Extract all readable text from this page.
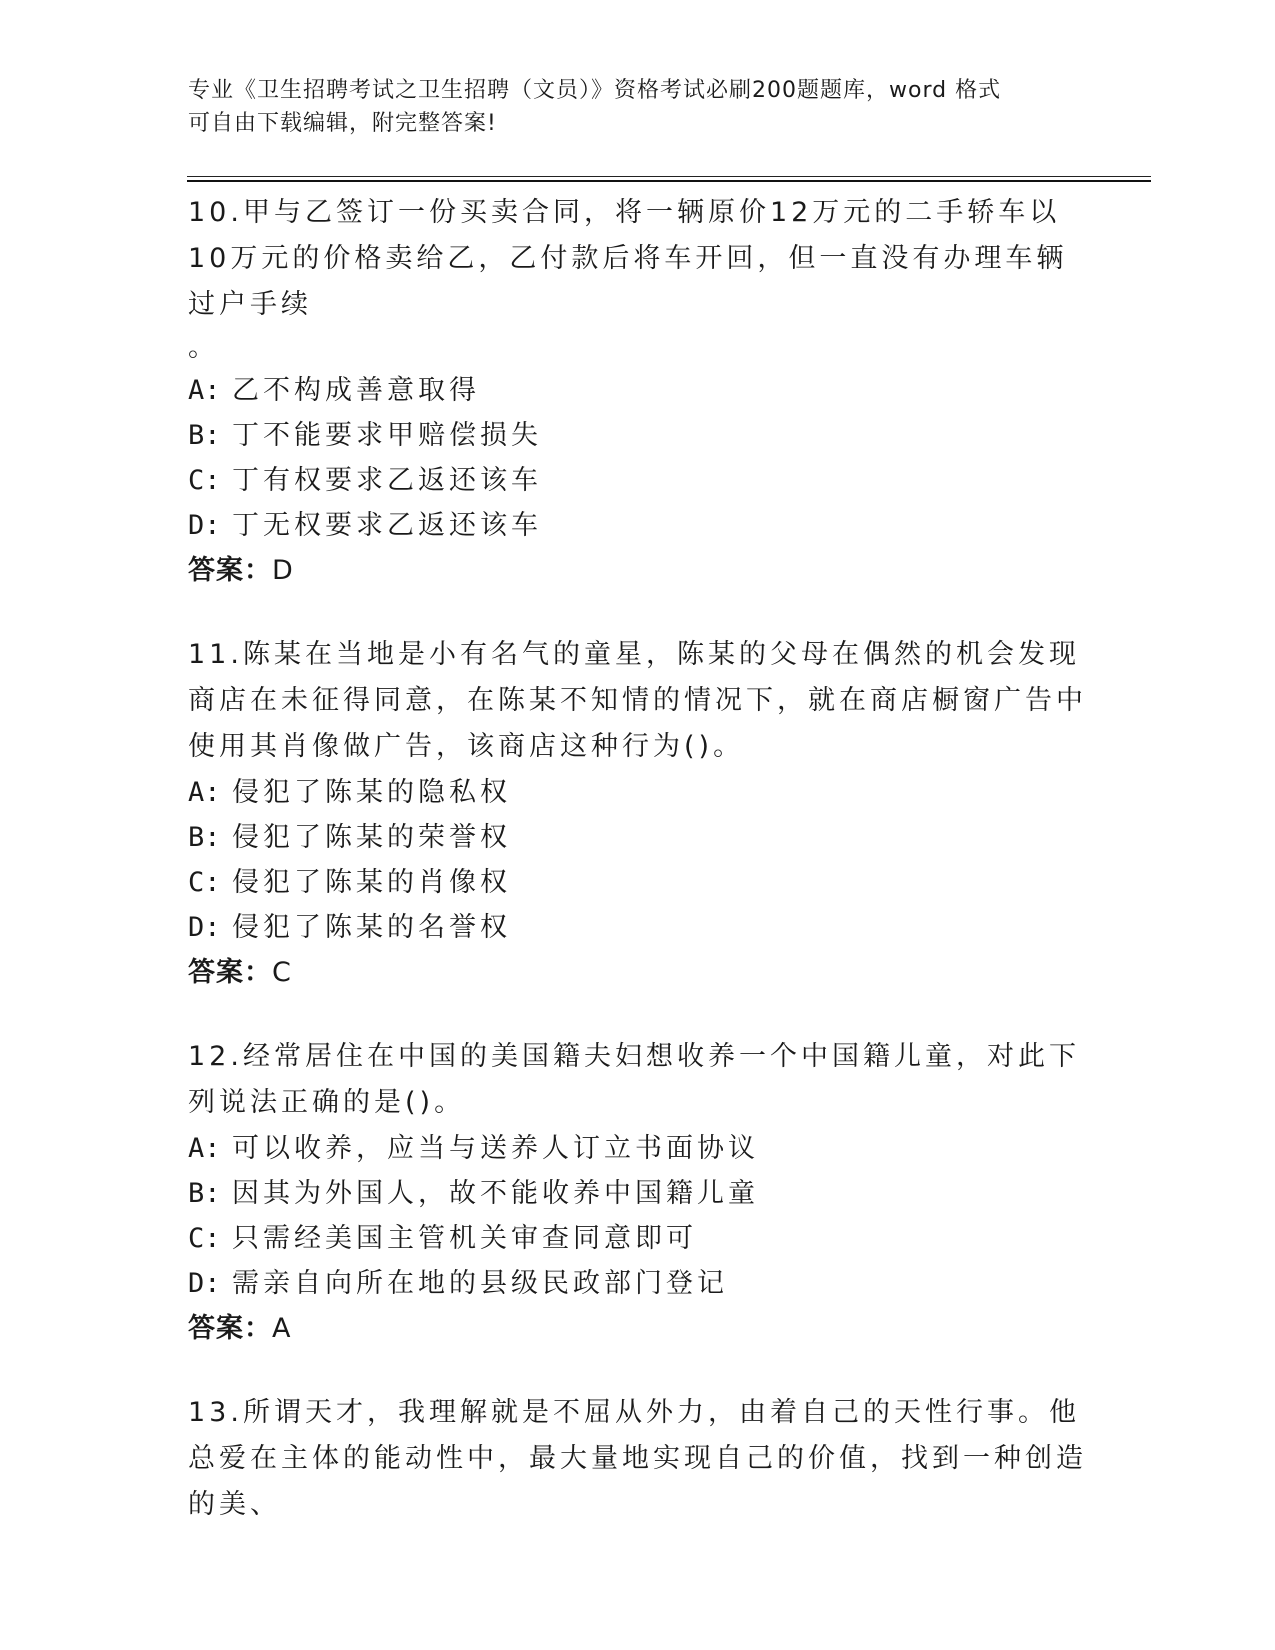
专业《卫生招聘考试之卫生招聘（文员）》资格考试必刷200题题库，word 格式
可自由下载编辑，附完整答案!

10.甲与乙签订一份买卖合同，将一辆原价12万元的二手轿车以10万元的价格卖给乙，乙付款后将车开回，但一直没有办理车辆过户手续

。

A: 乙不构成善意取得
B: 丁不能要求甲赔偿损失
C: 丁有权要求乙返还该车
D: 丁无权要求乙返还该车

答案：D

11.陈某在当地是小有名气的童星，陈某的父母在偶然的机会发现商店在未征得同意，在陈某不知情的情况下，就在商店橱窗广告中使用其肖像做广告，该商店这种行为()。

A: 侵犯了陈某的隐私权
B: 侵犯了陈某的荣誉权
C: 侵犯了陈某的肖像权
D: 侵犯了陈某的名誉权

答案：C

12.经常居住在中国的美国籍夫妇想收养一个中国籍儿童，对此下列说法正确的是()。

A: 可以收养，应当与送养人订立书面协议
B: 因其为外国人，故不能收养中国籍儿童
C: 只需经美国主管机关审查同意即可
D: 需亲自向所在地的县级民政部门登记

答案：A

13.所谓天才，我理解就是不屈从外力，由着自己的天性行事。他总爱在主体的能动性中，最大量地实现自己的价值，找到一种创造的美、
